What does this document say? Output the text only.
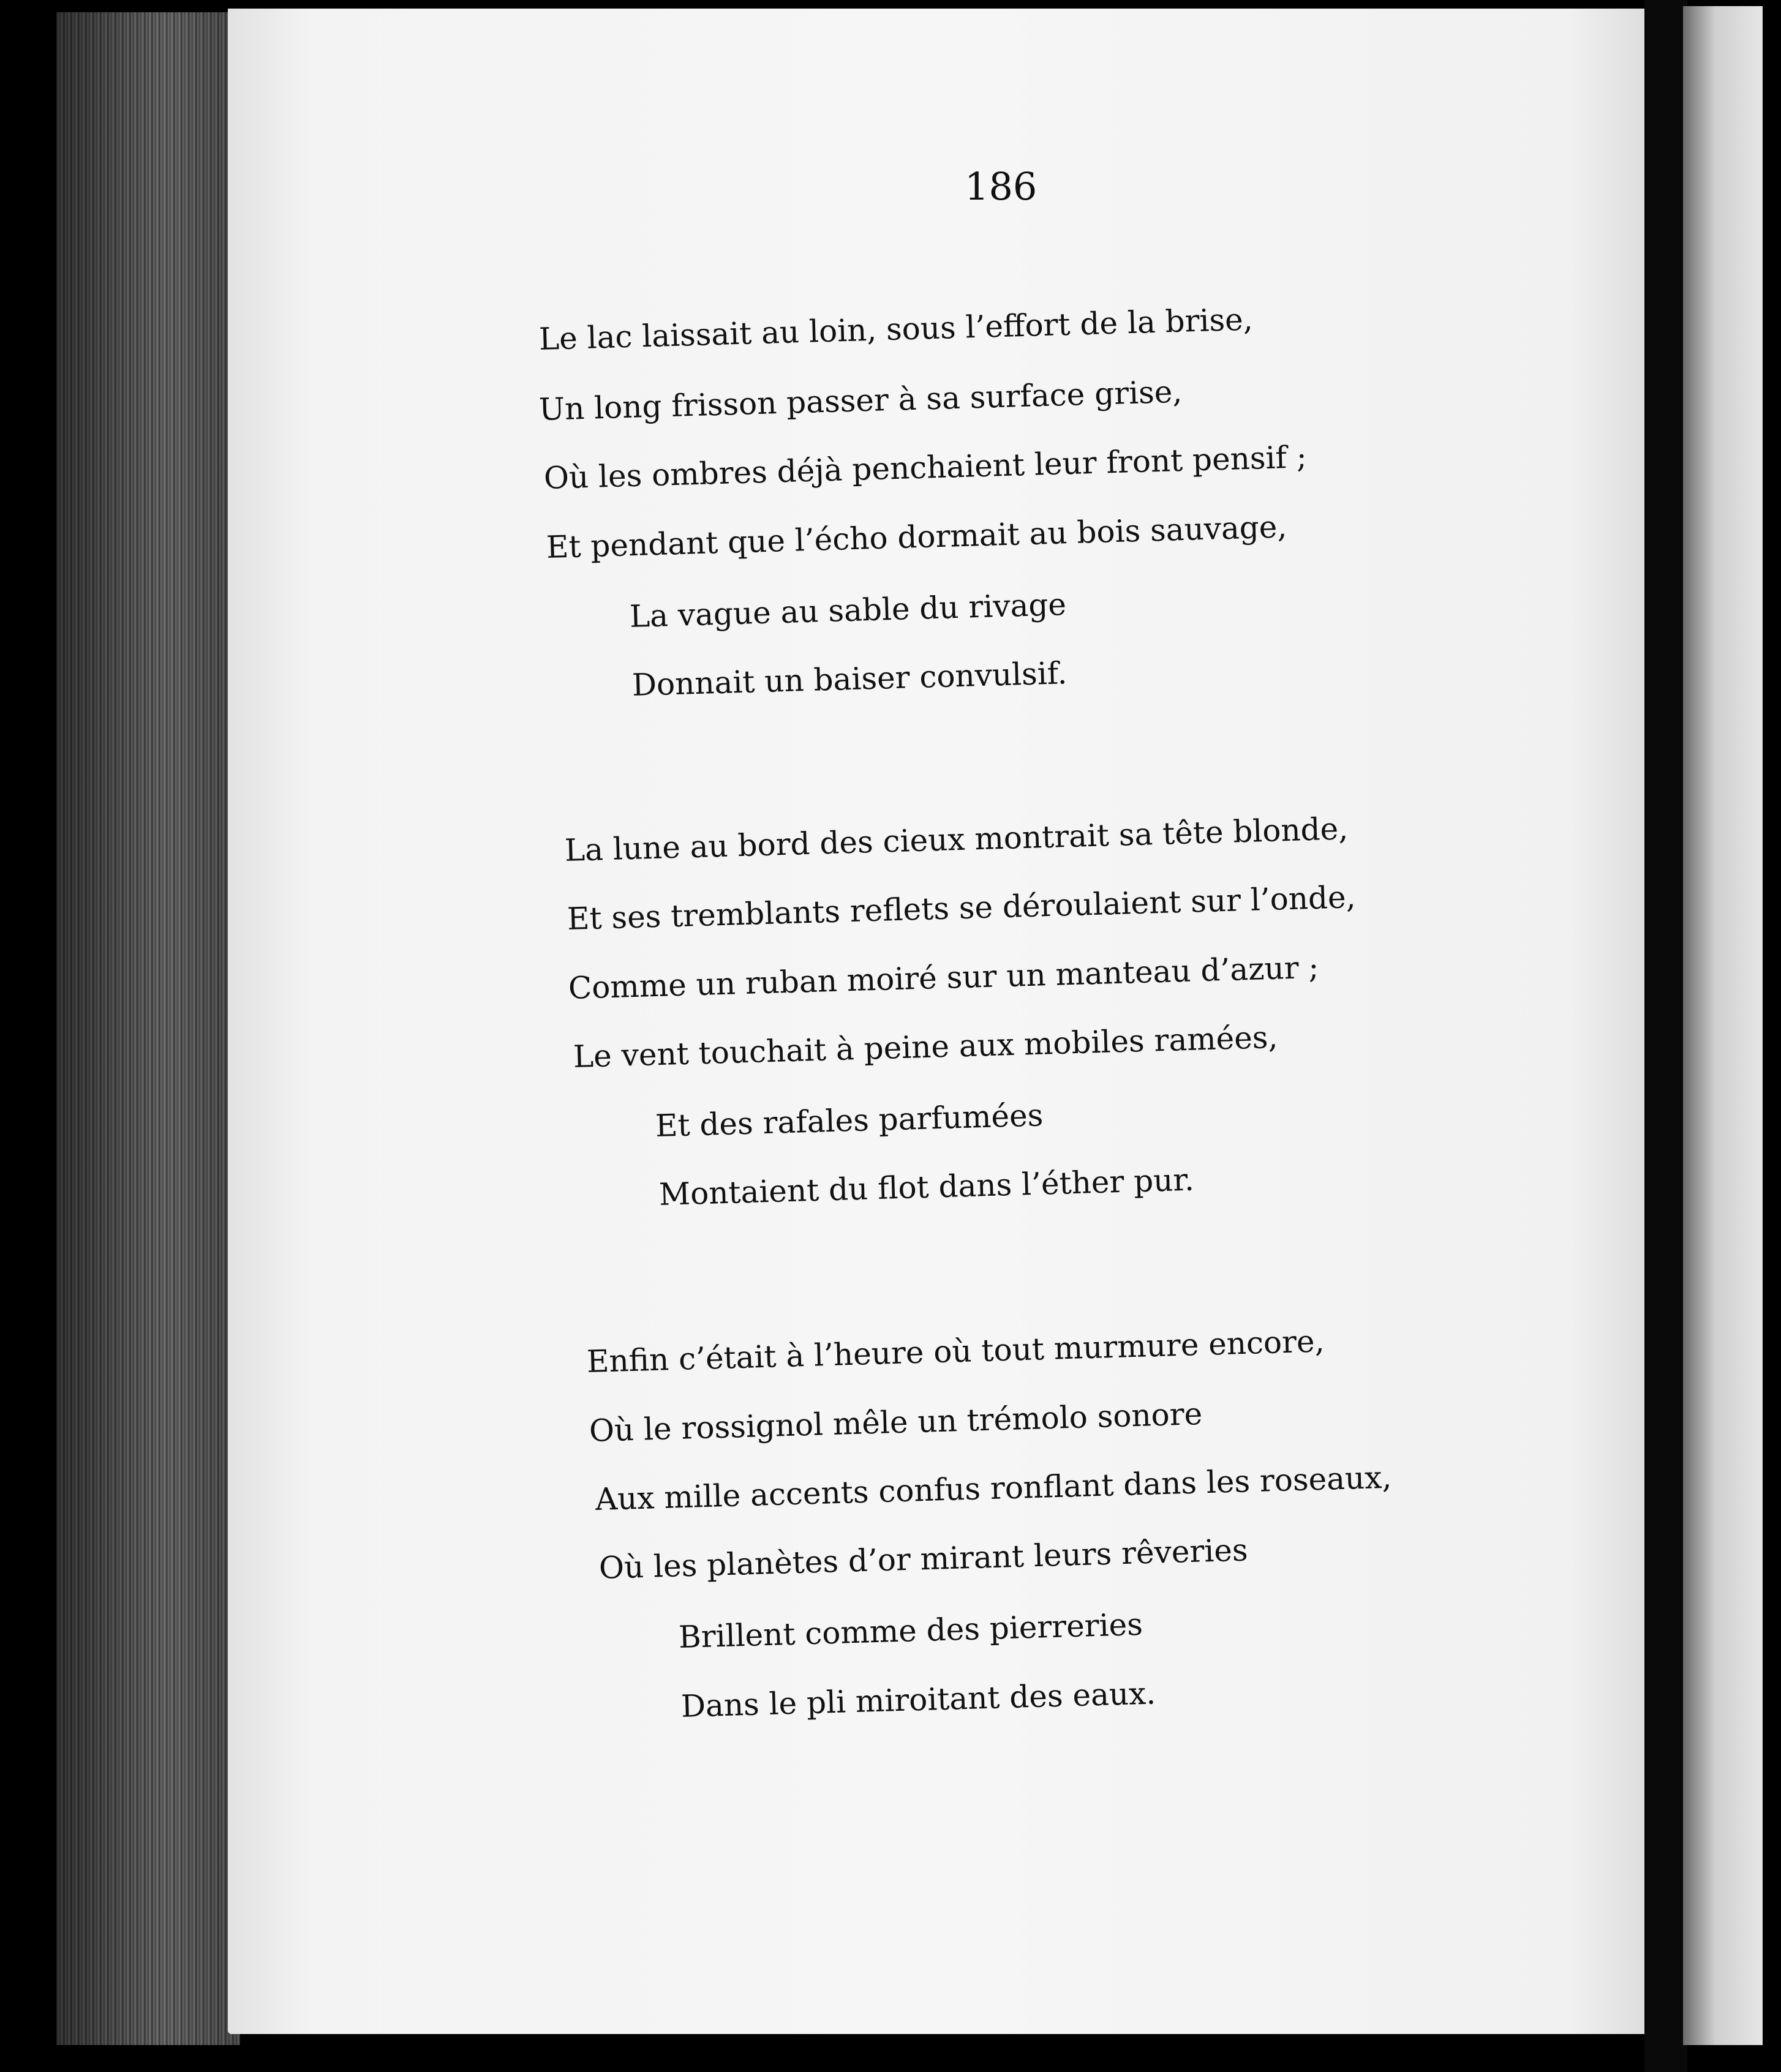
186
Le lac laissait au loin, sous l’effort de la brise,
Un long frisson passer à sa surface grise,
Où les ombres déjà penchaient leur front pensif ;
Et pendant que l’écho dormait au bois sauvage,
La vague au sable du rivage
Donnait un baiser convulsif.
La lune au bord des cieux montrait sa tête blonde,
Et ses tremblants reflets se déroulaient sur l’onde,
Comme un ruban moiré sur un manteau d’azur ;
Le vent touchait à peine aux mobiles ramées,
Et des rafales parfumées
Montaient du flot dans l’éther pur.
Enfin c’était à l’heure où tout murmure encore,
Où le rossignol mêle un trémolo sonore
Aux mille accents confus ronflant dans les roseaux,
Où les planètes d’or mirant leurs rêveries
Brillent comme des pierreries
Dans le pli miroitant des eaux.
